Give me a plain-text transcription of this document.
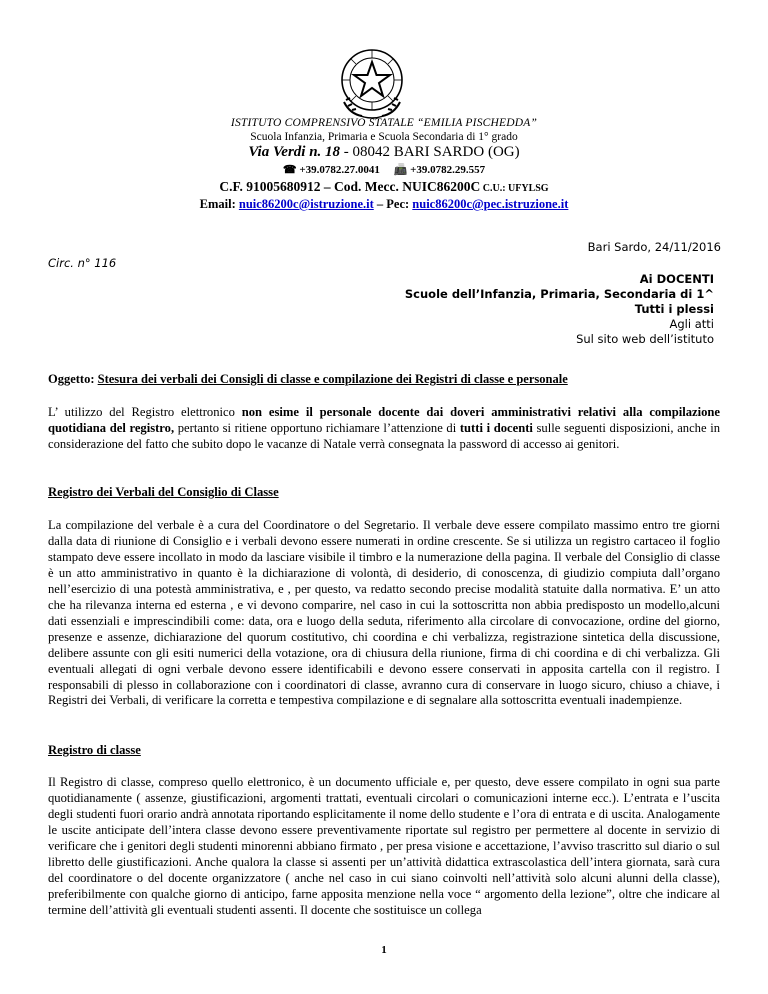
ISTITUTO COMPRENSIVO STATALE “EMILIA PISCHEDDA”
Scuola Infanzia, Primaria e Scuola Secondaria di 1° grado
Via Verdi n. 18 - 08042 BARI SARDO (OG)
☎ +39.0782.27.0041 📠 +39.0782.29.557
C.F. 91005680912 – Cod. Mecc. NUIC86200C C.U.: UFYLSG
Email: nuic86200c@istruzione.it – Pec: nuic86200c@pec.istruzione.it
Bari Sardo, 24/11/2016
Circ. n° 116
Ai DOCENTI
Scuole dell’Infanzia, Primaria, Secondaria di 1^
Tutti i plessi
Agli atti
Sul sito web dell’istituto
Oggetto: Stesura dei verbali dei Consigli di classe e compilazione dei Registri di classe e personale
L’ utilizzo del Registro elettronico non esime il personale docente dai doveri amministrativi relativi alla compilazione quotidiana del registro, pertanto si ritiene opportuno richiamare l’attenzione di tutti i docenti sulle seguenti disposizioni, anche in considerazione del fatto che subito dopo le vacanze di Natale verrà consegnata la password di accesso ai genitori.
Registro dei Verbali del Consiglio di Classe
La compilazione del verbale è a cura del Coordinatore o del Segretario. Il verbale deve essere compilato massimo entro tre giorni dalla data di riunione di Consiglio e i verbali devono essere numerati in ordine crescente. Se si utilizza un registro cartaceo il foglio stampato deve essere incollato in modo da lasciare visibile il timbro e la numerazione della pagina. Il verbale del Consiglio di classe è un atto amministrativo in quanto è la dichiarazione di volontà, di desiderio, di conoscenza, di giudizio compiuta dall’organo nell’esercizio di una potestà amministrativa, e , per questo, va redatto secondo precise modalità statuite dalla normativa. E’ un atto che ha rilevanza interna ed esterna , e vi devono comparire, nel caso in cui la sottoscritta non abbia predisposto un modello,alcuni dati essenziali e imprescindibili come: data, ora e luogo della seduta, riferimento alla circolare di convocazione, ordine del giorno, presenze e assenze, dichiarazione del quorum costitutivo, chi coordina e chi verbalizza, registrazione sintetica della discussione, delibere assunte con gli esiti numerici della votazione, ora di chiusura della riunione, firma di chi coordina e di chi verbalizza. Gli eventuali allegati di ogni verbale devono essere identificabili e devono essere conservati in apposita cartella con il registro. I responsabili di plesso in collaborazione con i coordinatori di classe, avranno cura di conservare in luogo sicuro, chiuso a chiave, i Registri dei Verbali, di verificare la corretta e tempestiva compilazione e di segnalare alla sottoscritta eventuali inadempienze.
Registro di classe
Il Registro di classe, compreso quello elettronico, è un documento ufficiale e, per questo, deve essere compilato in ogni sua parte quotidianamente ( assenze, giustificazioni, argomenti trattati, eventuali circolari o comunicazioni interne ecc.). L’entrata e l’uscita degli studenti fuori orario andrà annotata riportando esplicitamente il nome dello studente e l’ora di entrata e di uscita. Analogamente le uscite anticipate dell’intera classe devono essere preventivamente riportate sul registro per permettere al docente in servizio di verificare che i genitori degli studenti minorenni abbiano firmato , per presa visione e accettazione, l’avviso trascritto sul diario o sul libretto delle giustificazioni. Anche qualora la classe si assenti per un’attività didattica extrascolastica dell’intera giornata, sarà cura del coordinatore o del docente organizzatore ( anche nel caso in cui siano coinvolti nell’attività solo alcuni alunni della classe), preferibilmente con qualche giorno di anticipo, farne apposita menzione nella voce “ argomento della lezione”, oltre che indicare al termine dell’attività gli eventuali studenti assenti. Il docente che sostituisce un collega
1
